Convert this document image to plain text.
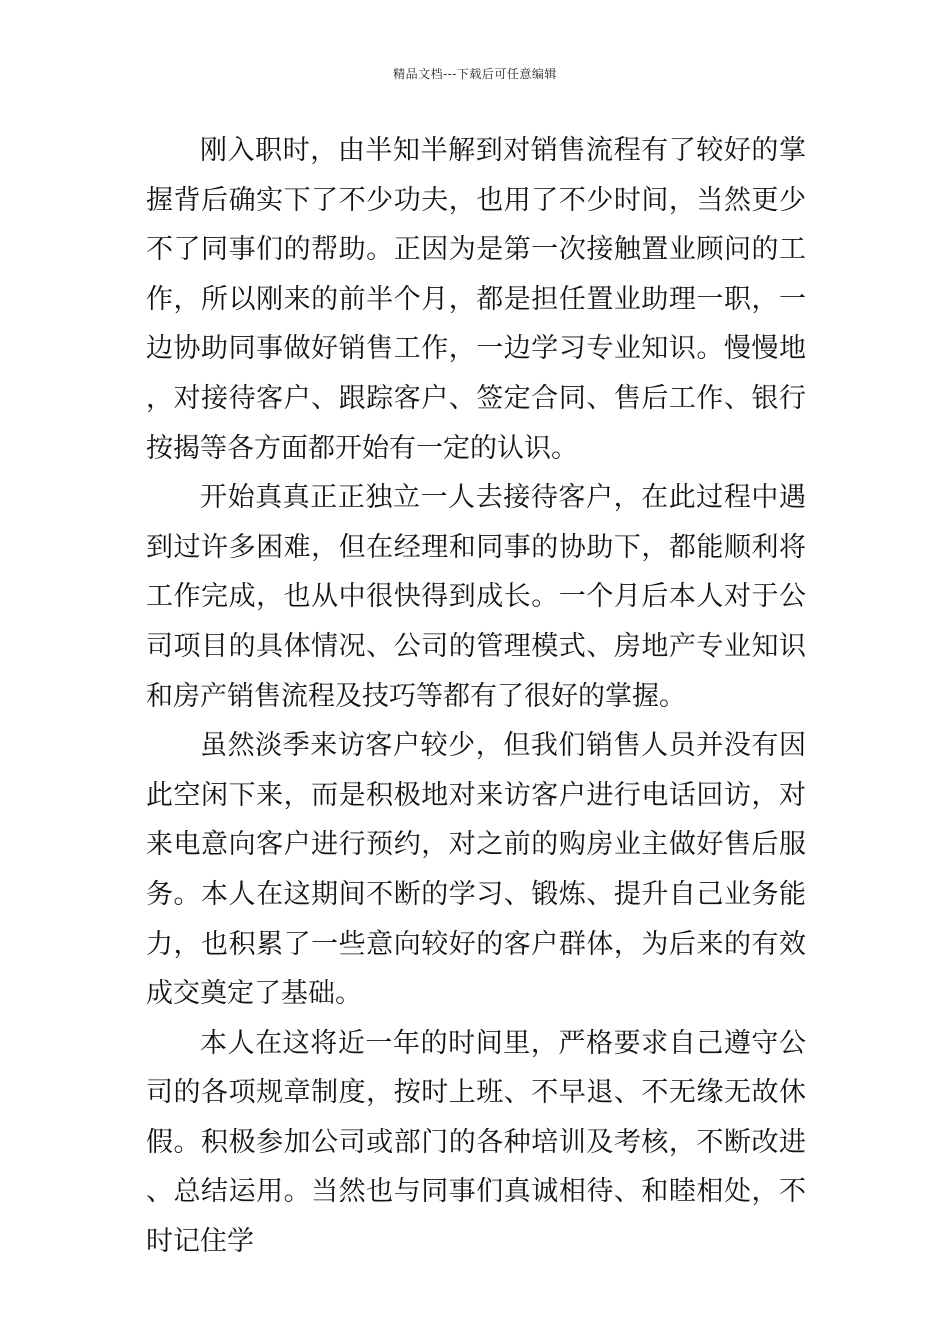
精品文档---下载后可任意编辑

刚入职时，由半知半解到对销售流程有了较好的掌握背后确实下了不少功夫，也用了不少时间，当然更少不了同事们的帮助。正因为是第一次接触置业顾问的工作，所以刚来的前半个月，都是担任置业助理一职，一边协助同事做好销售工作，一边学习专业知识。慢慢地，对接待客户、跟踪客户、签定合同、售后工作、银行按揭等各方面都开始有一定的认识。

开始真真正正独立一人去接待客户，在此过程中遇到过许多困难，但在经理和同事的协助下，都能顺利将工作完成，也从中很快得到成长。一个月后本人对于公司项目的具体情况、公司的管理模式、房地产专业知识和房产销售流程及技巧等都有了很好的掌握。

虽然淡季来访客户较少，但我们销售人员并没有因此空闲下来，而是积极地对来访客户进行电话回访，对来电意向客户进行预约，对之前的购房业主做好售后服务。本人在这期间不断的学习、锻炼、提升自己业务能力，也积累了一些意向较好的客户群体，为后来的有效成交奠定了基础。

本人在这将近一年的时间里，严格要求自己遵守公司的各项规章制度，按时上班、不早退、不无缘无故休假。积极参加公司或部门的各种培训及考核，不断改进、总结运用。当然也与同事们真诚相待、和睦相处，不时记住学
